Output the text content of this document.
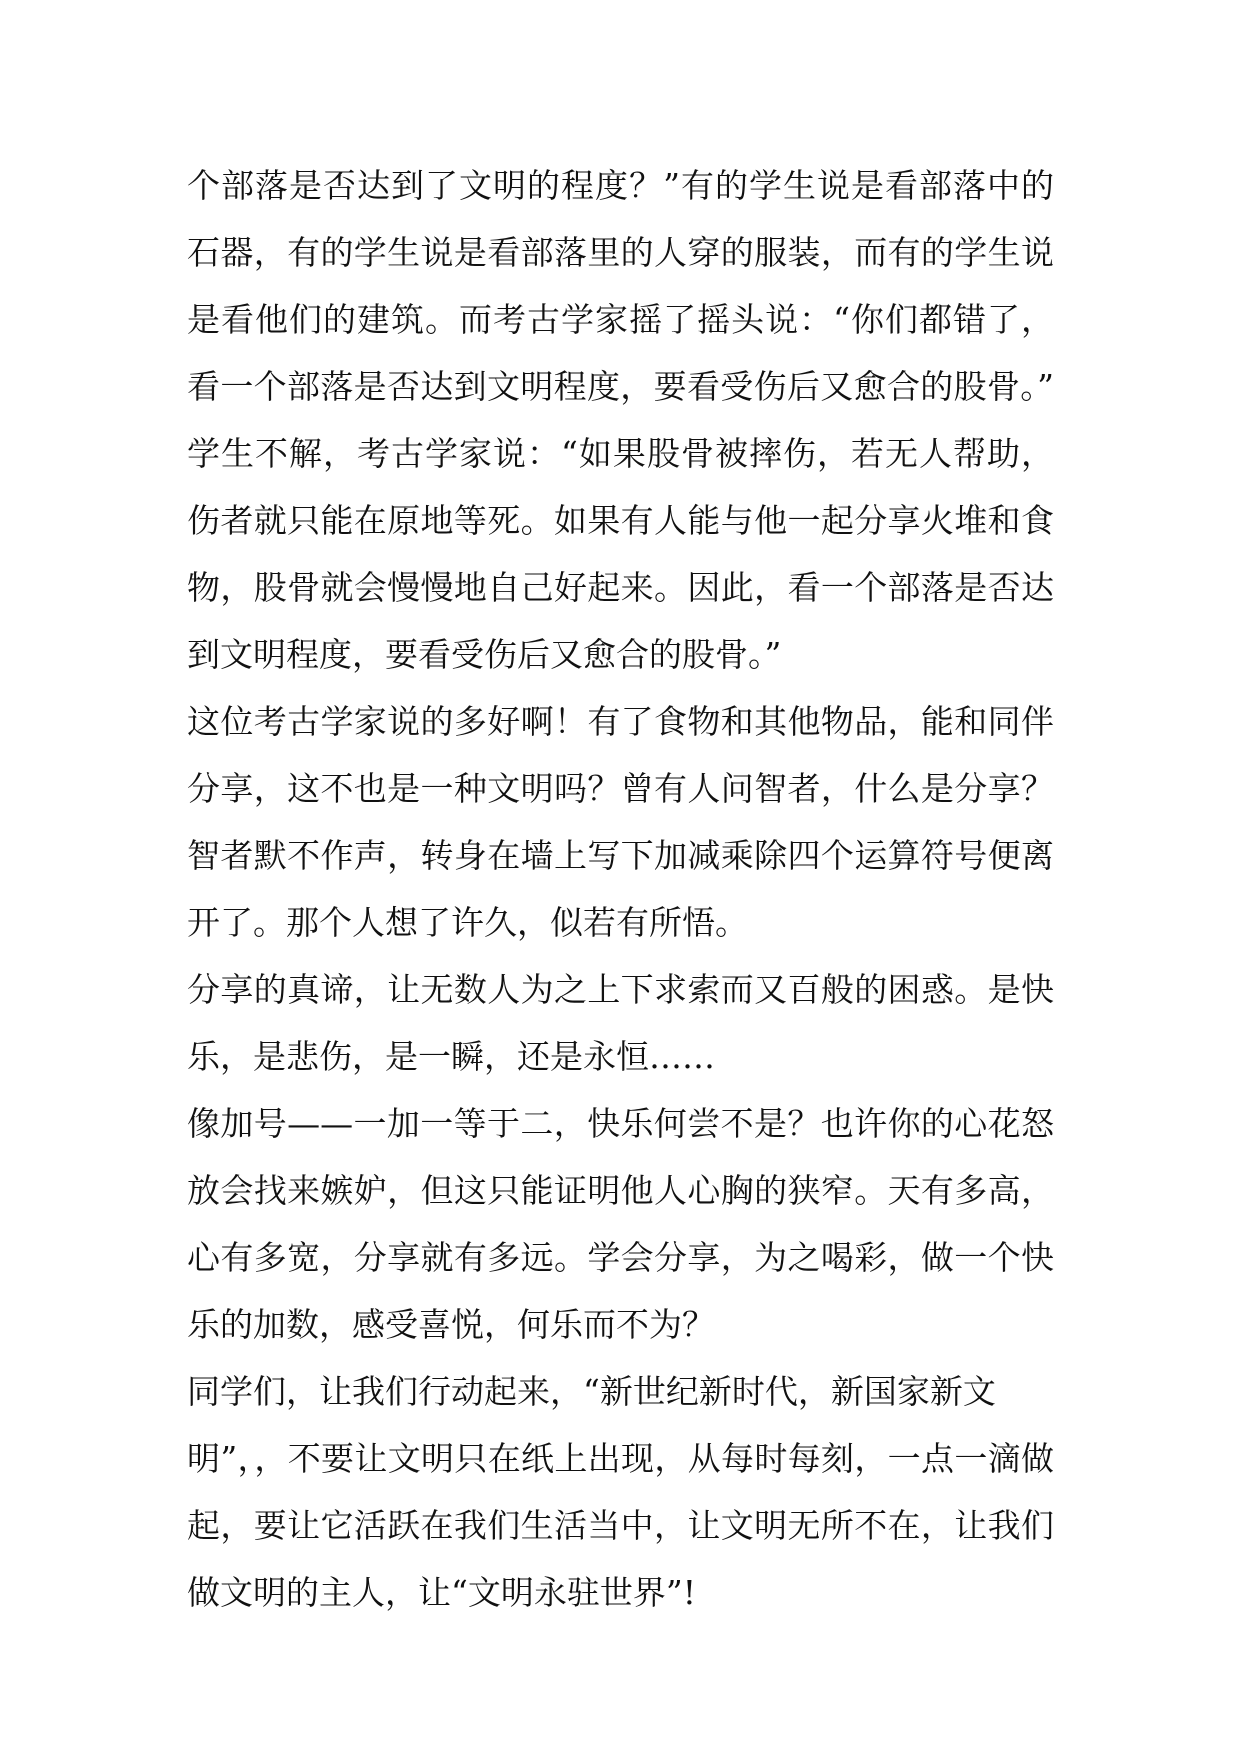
个部落是否达到了文明的程度？”有的学生说是看部落中的
石器，有的学生说是看部落里的人穿的服装，而有的学生说
是看他们的建筑。而考古学家摇了摇头说：“你们都错了，
看一个部落是否达到文明程度，要看受伤后又愈合的股骨。”
学生不解，考古学家说：“如果股骨被摔伤，若无人帮助，
伤者就只能在原地等死。如果有人能与他一起分享火堆和食
物，股骨就会慢慢地自己好起来。因此，看一个部落是否达
到文明程度，要看受伤后又愈合的股骨。”
这位考古学家说的多好啊！有了食物和其他物品，能和同伴
分享，这不也是一种文明吗？曾有人问智者，什么是分享？
智者默不作声，转身在墙上写下加减乘除四个运算符号便离
开了。那个人想了许久，似若有所悟。
分享的真谛，让无数人为之上下求索而又百般的困惑。是快
乐，是悲伤，是一瞬，还是永恒……
像加号——一加一等于二，快乐何尝不是？也许你的心花怒
放会找来嫉妒，但这只能证明他人心胸的狭窄。天有多高，
心有多宽，分享就有多远。学会分享，为之喝彩，做一个快
乐的加数，感受喜悦，何乐而不为？
同学们，让我们行动起来，“新世纪新时代，新国家新文
明”，，不要让文明只在纸上出现，从每时每刻，一点一滴做
起，要让它活跃在我们生活当中，让文明无所不在，让我们
做文明的主人，让“文明永驻世界”!
